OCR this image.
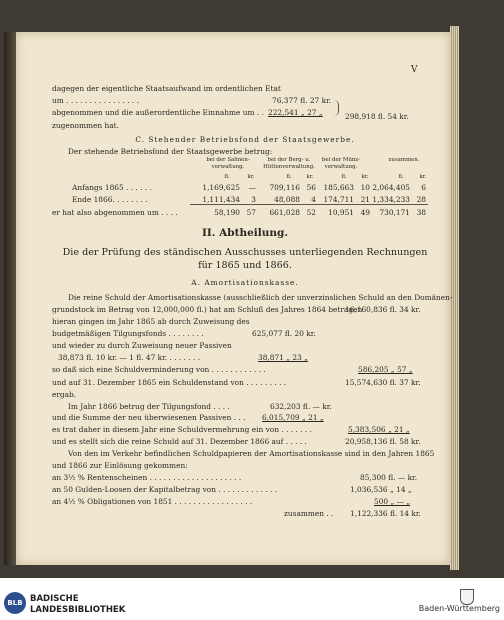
V
dagegen der eigentliche Staatsaufwand im ordentlichen Etat
um . . . . . . . . . . . . . . . .	76,377 fl. 27 kr.
abgenommen und die außerordentliche Einnahme um . . 222,541 „ 27 „	298,918 fl. 54 kr.
zugenommen hat.
C. Stehender Betriebsfond der Staatsgewerbe.
Der stehende Betriebsfond der Staatsgewerbe betrug:
bei der Salinen-
verwaltung.
bei der Berg- u.
Hüttenverwaltung.
bei der Münz-
verwaltung.
zusammen.
fl.	kr.	fl.	kr.	fl.	kr.	fl.	kr.
Anfangs 1865 . . . . . .	1,169,625	—	709,116 56	185,663 10 2,064,405	6
Ende 1866. . . . . . . .	1,111,434	3	48,088	4	174,711 21 1,334,233 28
er hat also abgenommen um . . . .	58,190 57	661,028 52	10,951 49	730,171 38
II. Abtheilung.
Die der Prüfung des ständischen Ausschusses unterliegenden Rechnungen
für 1865 und 1866.
A. Amortisationskasse.
Die reine Schuld der Amortisationskasse (ausschließlich der unverzinslichen Schuld an den Domänen-
grundstock im Betrag von 12,000,000 fl.) hat am Schluß des Jahres 1864 betragen
16,160,836 fl. 34 kr.
hieran gingen im Jahr 1865 ab durch Zuweisung des
budgetmäßigen Tilgungsfonds . . . . . . . .	625,077 fl. 20 kr.
und wieder zu durch Zuweisung neuer Passiven
38,873 fl. 10 kr. — 1 fl. 47 kr. . . . . . . .	38,871 „ 23 „
so daß sich eine Schuldverminderung von . . . . . . . . . . . .	586,205 „ 57 „
und auf 31. Dezember 1865 ein Schuldenstand von . . . . . . . . .	15,574,630 fl. 37 kr.
ergab.
Im Jahr 1866 betrug der Tilgungsfond . . . .	632,203 fl. — kr.
und die Summe der neu überwiesenen Passiven . . . 6,015,709 „ 21 „
es trat daher in diesem Jahr eine Schuldvermehrung ein von . . . . . . .	5,383,506 „ 21 „
und es stellt sich die reine Schuld auf 31. Dezember 1866 auf . . . . .	20,958,136 fl. 58 kr.
Von den im Verkehr befindlichen Schuldpapieren der Amortisationskasse sind in den Jahren 1865
und 1866 zur Einlösung gekommen:
an 3½ % Rentenscheinen . . . . . . . . . . . . . . . . . . . .	85,300 fl. — kr.
an 50 Gulden-Loosen der Kapitalbetrag von . . . . . . . . . . . . .	1,036,536 „ 14 „
an 4½ % Obligationen von 1851 . . . . . . . . . . . . . . . . .	500 „ — „
zusammen . . 1,122,336 fl. 14 kr.
BLB BADISCHE
LANDESBIBLIOTHEK	Baden-Württemberg
